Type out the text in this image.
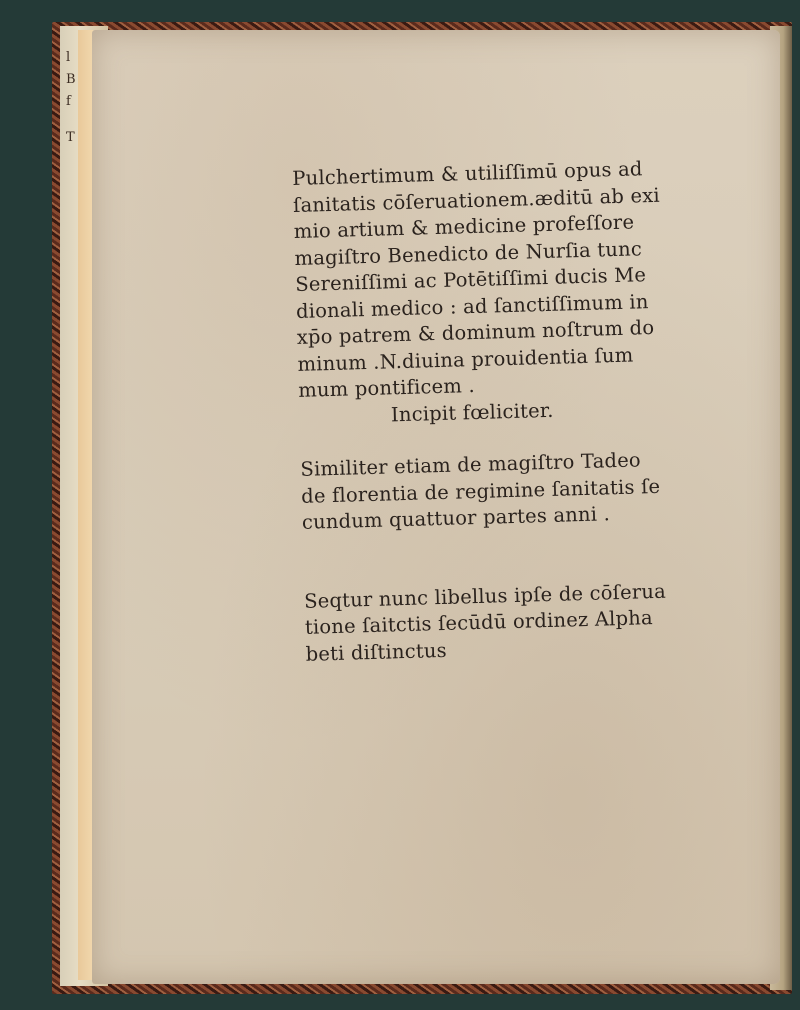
l
B
f
T
Pulchertimum & utiliſſimū opus ad
ſanitatis cōſeruationem.æditū ab exi
mio artium & medicine profeſſore
magiſtro Benedicto de Nurſia tunc
Sereniſſimi ac Potētiſſimi ducis Me
dionali medico : ad ſanctiſſimum in
xp̄o patrem & dominum noſtrum do
minum .N.diuina prouidentia ſum
mum pontificem .
Incipit fœliciter.
Similiter etiam de magiſtro Tadeo
de florentia de regimine ſanitatis ſe
cundum quattuor partes anni .
Seqtur nunc libellus ipſe de cōſerua
tione ſaitctis ſecūdū ordinez Alpha
beti diſtinctus
